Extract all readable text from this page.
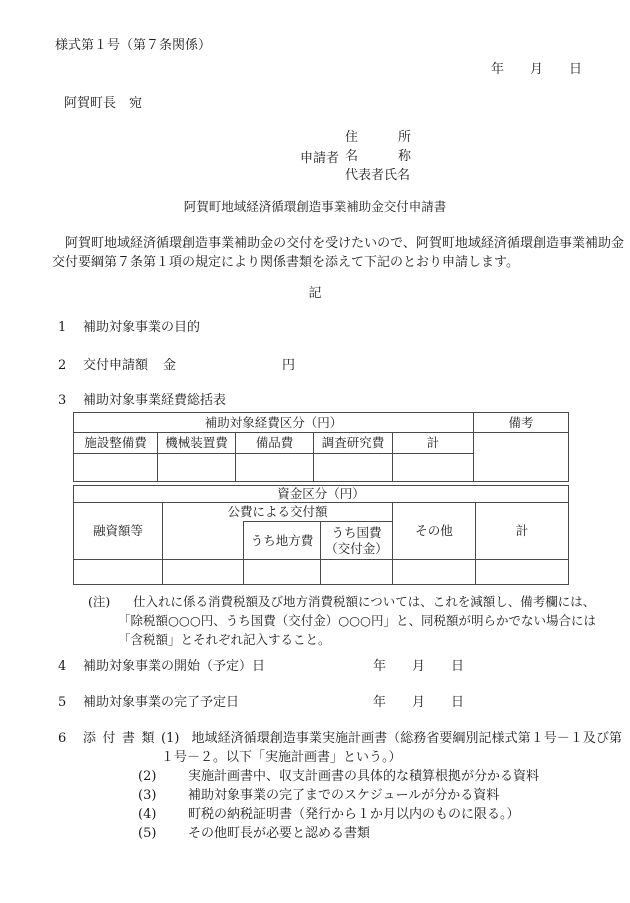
様式第１号（第７条関係）
年　　月　　日
阿賀町長　宛
申請者
住	所
名	称
代表者氏名
阿賀町地域経済循環創造事業補助金交付申請書
阿賀町地域経済循環創造事業補助金の交付を受けたいので、阿賀町地域経済循環創造事業補助金交付要綱第７条第１項の規定により関係書類を添えて下記のとおり申請します。
記
1	補助対象事業の目的
2	交付申請額 金	円
3	補助対象事業経費総括表
補助対象経費区分（円）					備考
施設整備費	機械装置費	備品費	調査研究費	計	

資金区分（円）					
融資額等	公費による交付額			その他	計
		うち地方費	うち国費
（交付金）		

(注)	仕入れに係る消費税額及び地方消費税額については、これを減額し、備考欄には、
「除税額○○○円、うち国費（交付金）○○○円」と、同税額が明らかでない場合には
「含税額」とそれぞれ記入すること。
4	補助対象事業の開始（予定）日	年　　月　　日
5	補助対象事業の完了予定日	年　　月　　日
6	添付書類 (1) 地域経済循環創造事業実施計画書（総務省要綱別記様式第１号－１及び第１号－２。以下「実施計画書」という。）
(2)	実施計画書中、収支計画書の具体的な積算根拠が分かる資料
(3)	補助対象事業の完了までのスケジュールが分かる資料
(4)	町税の納税証明書（発行から１か月以内のものに限る。）
(5)	その他町長が必要と認める書類
